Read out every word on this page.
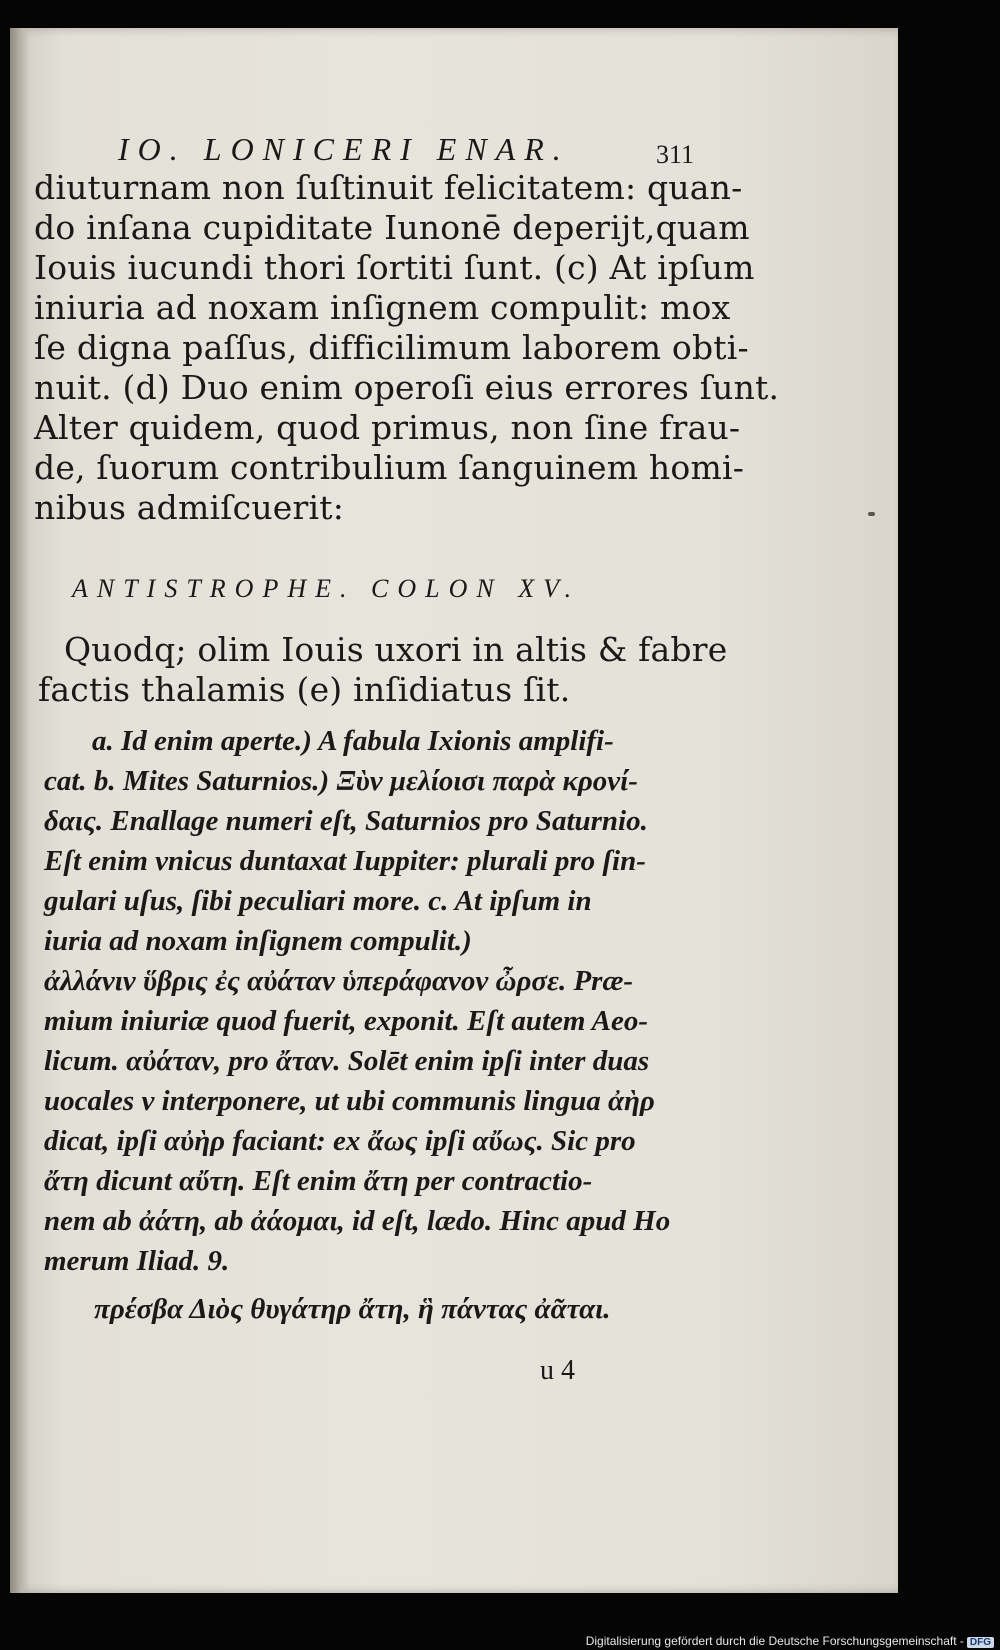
IO. LONICERI ENAR.	311
diuturnam non ſuſtinuit felicitatem: quan-
do inſana cupiditate Iunonē deperijt,quam
Iouis iucundi thori ſortiti ſunt. (c) At ipſum
iniuria ad noxam inſignem compulit: mox
ſe digna paſſus, difficilimum laborem obti-
nuit. (d) Duo enim operoſi eius errores ſunt.
Alter quidem, quod primus, non ſine frau-
de, ſuorum contribulium ſanguinem homi-
nibus admiſcuerit:
ANTISTROPHE. COLON XV.
Quodq; olim Iouis uxori in altis & fabre
factis thalamis (e) inſidiatus ſit.
a. Id enim aperte.) A fabula Ixionis amplifi-
cat. b. Mites Saturnios.) Ξὺν μελίοισι παρὰ κρονί-
δαις. Enallage numeri eſt, Saturnios pro Saturnio.
Eſt enim vnicus duntaxat Iuppiter: plurali pro ſin-
gulari uſus, ſibi peculiari more. c. At ipſum in
iuria ad noxam inſignem compulit.)
ἀλλάνιν ὕβρις ἐς αὐάταν ὑπεράφανον ὦρσε. Præ-
mium iniuriæ quod fuerit, exponit. Eſt autem Aeo-
licum. αὐάταν, pro ἄταν. Solēt enim ipſi inter duas
uocales v interponere, ut ubi communis lingua ἀὴρ
dicat, ipſi αὐὴρ faciant: ex ἄως ipſi αὔως. Sic pro
ἄτη dicunt αὔτη. Eſt enim ἄτη per contractio-
nem ab ἀάτη, ab ἀάομαι, id eſt, lædo. Hinc apud Ho
merum Iliad. 9.
πρέσβα Διὸς θυγάτηρ ἄτη, ἣ πάντας ἀᾶται.
u 4
Digitalisierung gefördert durch die Deutsche Forschungsgemeinschaft - DFG
